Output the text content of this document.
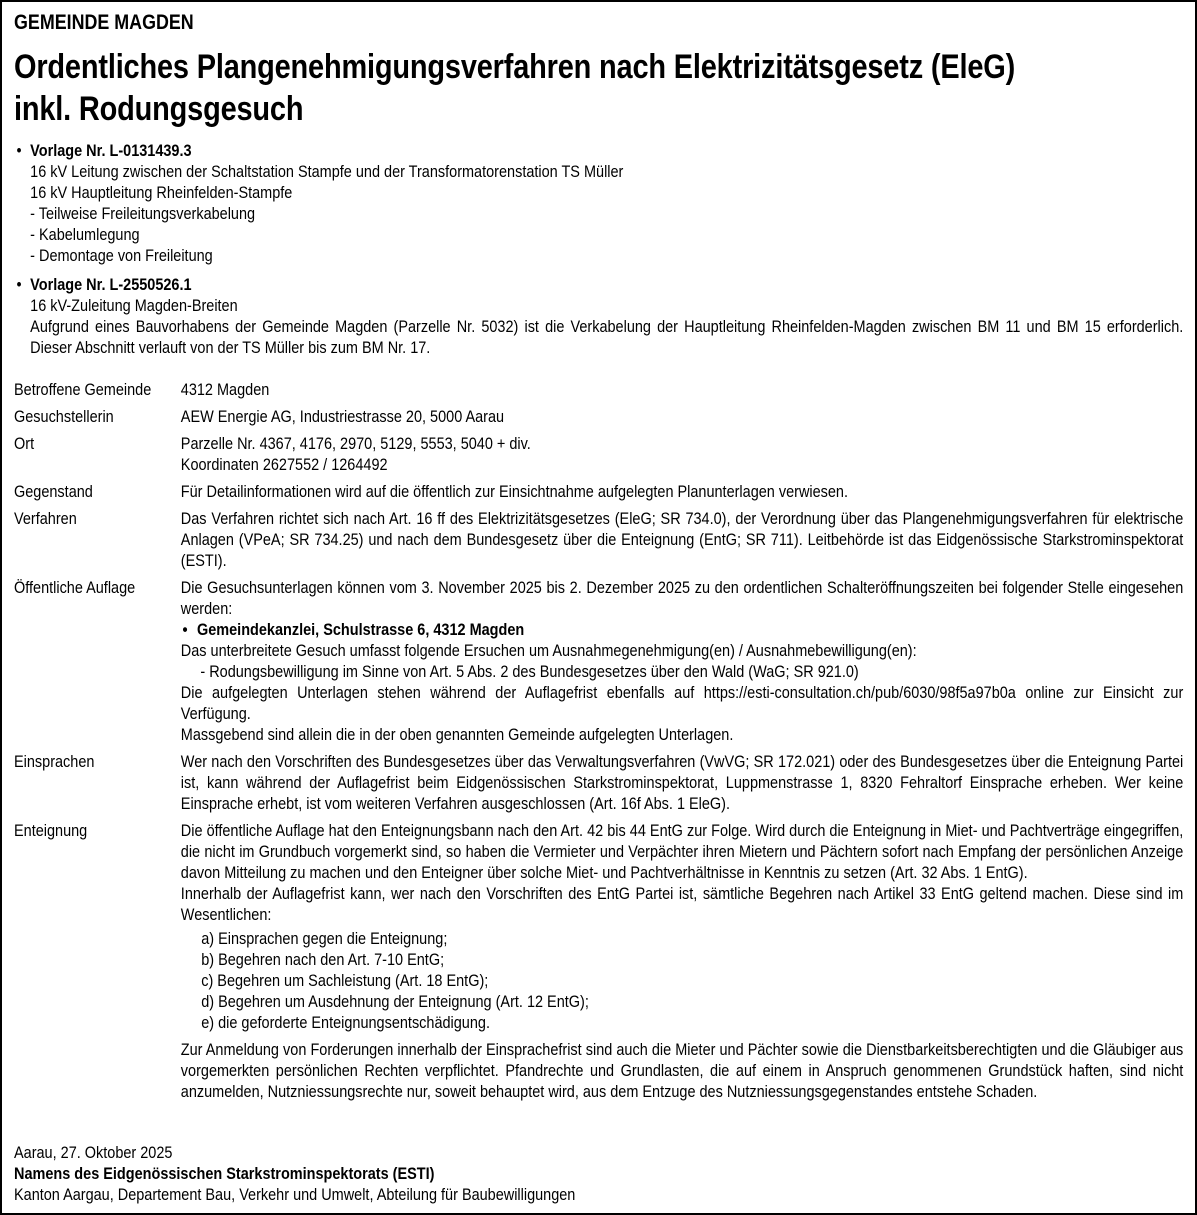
GEMEINDE MAGDEN
Ordentliches Plangenehmigungsverfahren nach Elektrizitätsgesetz (EleG)
inkl. Rodungsgesuch
• Vorlage Nr. L-0131439.3
16 kV Leitung zwischen der Schaltstation Stampfe und der Transformatorenstation TS Müller
16 kV Hauptleitung Rheinfelden-Stampfe
- Teilweise Freileitungsverkabelung
- Kabelumlegung
- Demontage von Freileitung
• Vorlage Nr. L-2550526.1
16 kV-Zuleitung Magden-Breiten
Aufgrund eines Bauvorhabens der Gemeinde Magden (Parzelle Nr. 5032) ist die Verkabelung der Hauptleitung Rheinfelden-Magden zwischen BM 11 und BM 15 erforderlich. Dieser Abschnitt verlauft von der TS Müller bis zum BM Nr. 17.
Betroffene Gemeinde	4312 Magden
Gesuchstellerin	AEW Energie AG, Industriestrasse 20, 5000 Aarau
Ort	Parzelle Nr. 4367, 4176, 2970, 5129, 5553, 5040 + div.
Koordinaten 2627552 / 1264492
Gegenstand	Für Detailinformationen wird auf die öffentlich zur Einsichtnahme aufgelegten Planunterlagen verwiesen.
Verfahren	Das Verfahren richtet sich nach Art. 16 ff des Elektrizitätsgesetzes (EleG; SR 734.0), der Verordnung über das Plangenehmigungsverfahren für elektrische Anlagen (VPeA; SR 734.25) und nach dem Bundesgesetz über die Enteignung (EntG; SR 711). Leitbehörde ist das Eidgenössische Starkstrominspektorat (ESTI).
Öffentliche Auflage	Die Gesuchsunterlagen können vom 3. November 2025 bis 2. Dezember 2025 zu den ordentlichen Schalteröffnungszeiten bei folgender Stelle eingesehen werden:
• Gemeindekanzlei, Schulstrasse 6, 4312 Magden
Das unterbreitete Gesuch umfasst folgende Ersuchen um Ausnahmegenehmigung(en) / Ausnahmebewilligung(en):
- Rodungsbewilligung im Sinne von Art. 5 Abs. 2 des Bundesgesetzes über den Wald (WaG; SR 921.0)
Die aufgelegten Unterlagen stehen während der Auflagefrist ebenfalls auf https://esti-consultation.ch/pub/6030/98f5a97b0a online zur Einsicht zur Verfügung.
Massgebend sind allein die in der oben genannten Gemeinde aufgelegten Unterlagen.
Einsprachen	Wer nach den Vorschriften des Bundesgesetzes über das Verwaltungsverfahren (VwVG; SR 172.021) oder des Bundesgesetzes über die Enteignung Partei ist, kann während der Auflagefrist beim Eidgenössischen Starkstrominspektorat, Luppmenstrasse 1, 8320 Fehraltorf Einsprache erheben. Wer keine Einsprache erhebt, ist vom weiteren Verfahren ausgeschlossen (Art. 16f Abs. 1 EleG).
Enteignung	Die öffentliche Auflage hat den Enteignungsbann nach den Art. 42 bis 44 EntG zur Folge. Wird durch die Enteignung in Miet- und Pachtverträge eingegriffen, die nicht im Grundbuch vorgemerkt sind, so haben die Vermieter und Verpächter ihren Mietern und Pächtern sofort nach Empfang der persönlichen Anzeige davon Mitteilung zu machen und den Enteigner über solche Miet- und Pachtverhältnisse in Kenntnis zu setzen (Art. 32 Abs. 1 EntG).
Innerhalb der Auflagefrist kann, wer nach den Vorschriften des EntG Partei ist, sämtliche Begehren nach Artikel 33 EntG geltend machen. Diese sind im Wesentlichen:
a) Einsprachen gegen die Enteignung;
b) Begehren nach den Art. 7-10 EntG;
c) Begehren um Sachleistung (Art. 18 EntG);
d) Begehren um Ausdehnung der Enteignung (Art. 12 EntG);
e) die geforderte Enteignungsentschädigung.
Zur Anmeldung von Forderungen innerhalb der Einsprachefrist sind auch die Mieter und Pächter sowie die Dienstbarkeitsberechtigten und die Gläubiger aus vorgemerkten persönlichen Rechten verpflichtet. Pfandrechte und Grundlasten, die auf einem in Anspruch genommenen Grundstück haften, sind nicht anzumelden, Nutzniessungsrechte nur, soweit behauptet wird, aus dem Entzuge des Nutzniessungsgegenstandes entstehe Schaden.
Aarau, 27. Oktober 2025
Namens des Eidgenössischen Starkstrominspektorats (ESTI)
Kanton Aargau, Departement Bau, Verkehr und Umwelt, Abteilung für Baubewilligungen
